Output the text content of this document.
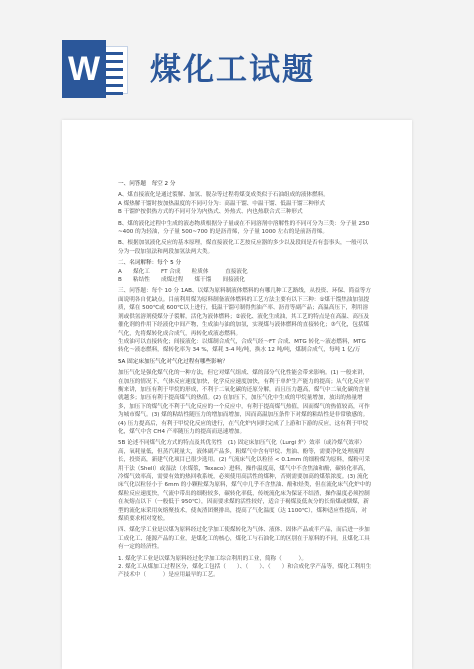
W 煤化工试题

一、问答题　每空 2 分

A、煤直接液化是通过裂解、加氢、脱杂等过程将煤变成类似于石油组成的液体燃料。

A 煤热解干馏时按加热温度的不同可分为：高温干馏、中温干馏、低温干馏三种形式

B 干馏炉按供热方式的不同可分为内热式、外热式、内也热联合式三种形式

B、煤的液化过程中生成的液态物质根据分子量或在不同溶剂中溶解性的不同可分为三类：分子量 250~400 的为轻油，分子量 500~700 的是沥青烯，分子量 1000 左右的是前沥青烯。

B、根据加氢液化反应的基本原理，煤直接液化工艺按反应器的多少以及段间是否有套事头，一般可以分为一段加氢法和两段加氢法两大类。

二、名词解释：每个 5 分

A　　煤化工　　FT 合成　　粒质体　　　直接液化

B　　粘结性　　成煤过程　　煤干馏　　间接液化

三、问答题：每个 10 分 1AB、以煤为原料制液体燃料的有哪几种工艺路线，从投资、环保、简益等方面说明各自优缺点。目前利用煤为原料制备液体燃料的工艺方法主要有以下三种：①煤干馏焦油加氢提质，煤在 500℃或 600℃以上进行，低温干馏可制得焦油产率、沥青等副产品；高温高压下，利用溶剂或供氢溶剂使煤分子裂解，活化为液体燃料；②液化、液化生成油，其工艺的特点是在高温、高压及催化剂的作用下经液化中间产物，生成油与油的加氢，实现煤与液体燃料的直接转化；③气化，包括煤气化，先将煤转化成合成气，再转化成液态燃料。

生成油可以直接转化；间接液化：以煤制合成气，合成气经～FT 合成、MTG 转化～液态燃料，MTG 转化～液态燃料，煤转化率为 34 %，煤耗 3-4 吨/吨，换水 12 吨/吨，煤制合成气，每吨 1 亿/万

5A 固定床加压气化对气化过程有哪些影响？

加压气化是强化煤气化的一种方法，但它对煤气组成、煤的部分气化性能会带来影响。(1) 一般来讲，在加压的情况下，气体反应速度加快，化学反应速度加快，有利于单炉生产能力的提高；从气化反应平衡来讲，加压有利于甲烷的形成，不利于二氧化碳的还原分解，而且压力越高，煤气中二氧化碳的含量就越多；加压有利于提高煤气的热值。(2) 在加压下，加压气化中生成的甲烷量增加，放出的热量增多，加压下的煤气化不利于气化反应的一个反应中，有利于提高煤气热值，因而煤气的热值较高，可作为城市煤气。(3) 煤的粘结性随压力的增加而增加，因而高温加压条件下对煤的粘结性是非常敏感的。(4) 压力提高后，有利于甲烷化反应的进行，在气化炉内同时完成了上游和下游的反应，这有利于甲烷化，煤气中含 CH4 产率随压力的提高而迅速增加。

5B 论述不同煤气化方式的特点及其优劣性　(1) 固定床加压气化（Lurgi 炉）效率（或冷煤气效率）高，氧耗量低，但蒸汽耗量大，液体副产品多，粗煤气中含有甲烷、焦油、酚等，需要净化处理流程长，投资高，新建气化项目已很少选用。(2) 气流床气化以粒径 < 0.1mm 的细粉煤为原料，煤粉可采用干法（Shell）或湿法（水煤浆，Texaco）进料，操作温度高，煤气中不含焦油和酚，碳转化率高，冷煤气效率高，需要有效的热回收系统，必须使用高活性的煤种，否则需要加高的煤浆浓度。(3) 流化床气化以粒径小于 6mm 的小颗粒煤为原料，煤气中几乎不含焦油、酚和烃类，但在流化床气化炉中的煤粒反应速度快，气流中带出的细粉较多，碳转化率低，传统流化床为保证不结渣，操作温度必须控制在灰熔点以下（一般低于 950℃），因而要求煤的活性较好，适合于褐煤及低灰分的长焰煤或烟煤，新型的流化床采用灰熔聚技术，使灰渣团聚排出，提高了气化温度（达 1100℃），煤种适应性提高，对煤质要求相对宽松。

四、煤化学工业是以煤为原料经过化学加工使煤转化为气体、液体、固体产品或半产品，而后进一步加工成化工、能源产品的工业，是煤化工的核心，煤化工与石油化工的区别在于原料的不同，且煤化工具有一定的经济性。

1. 煤化学工业是以煤为原料经过化学加工综合利用的工业，简称（　　　）。

2. 煤化工从煤加工过程区分，煤化工包括（　　）、（　　）、（　　）和合成化学产品等，煤化工利用生产技术中（　　　）是应用最早的工艺。
